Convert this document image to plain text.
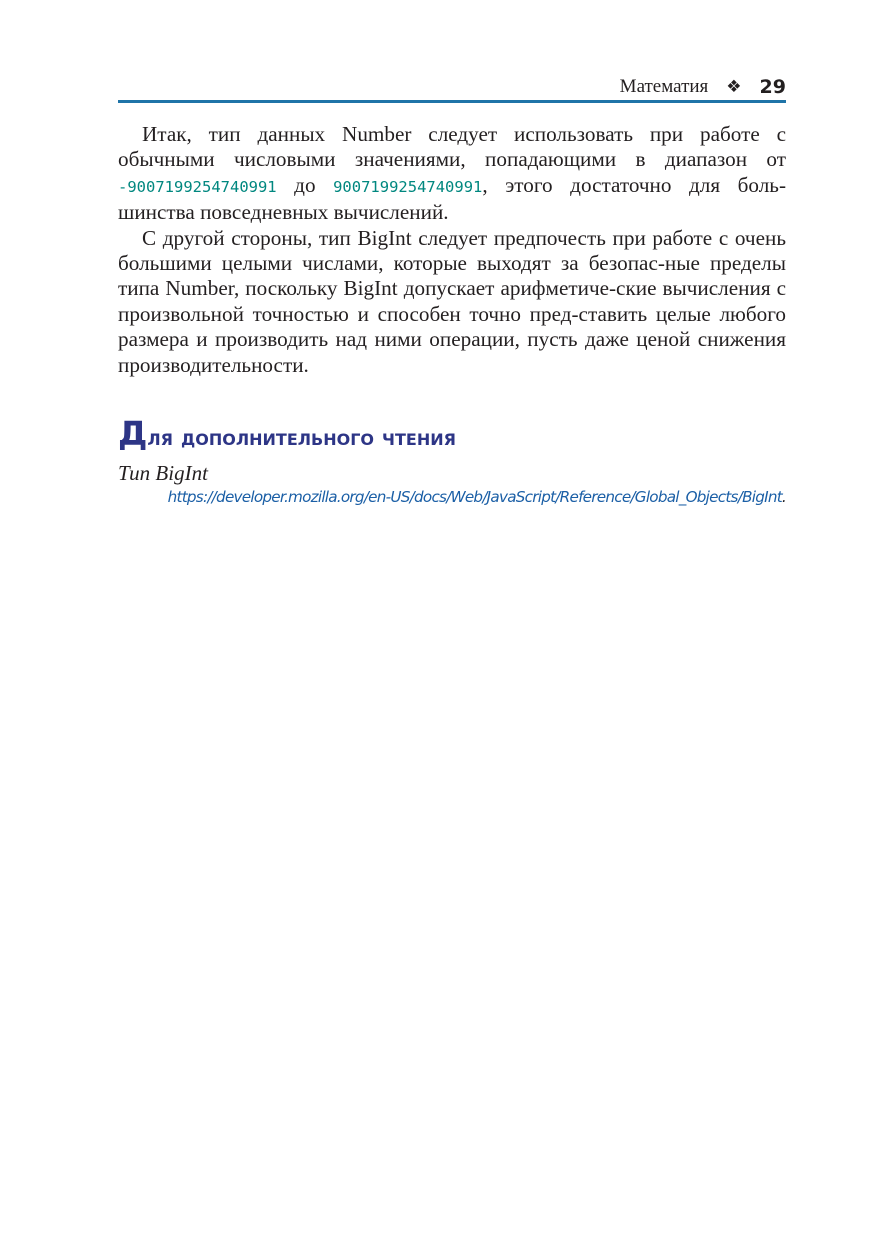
Математия ❖ 29

Итак, тип данных Number следует использовать при работе с обычными числовыми значениями, попадающими в диапазон от -9007199254740991 до 9007199254740991, этого достаточно для боль-шинства повседневных вычислений.

С другой стороны, тип BigInt следует предпочесть при работе с очень большими целыми числами, которые выходят за безопас-ные пределы типа Number, поскольку BigInt допускает арифметиче-ские вычисления с произвольной точностью и способен точно пред-ставить целые любого размера и производить над ними операции, пусть даже ценой снижения производительности.

Для дополнительного чтения
Тип BigInt
https://developer.mozilla.org/en-US/docs/Web/JavaScript/Reference/Global_Objects/BigInt.
